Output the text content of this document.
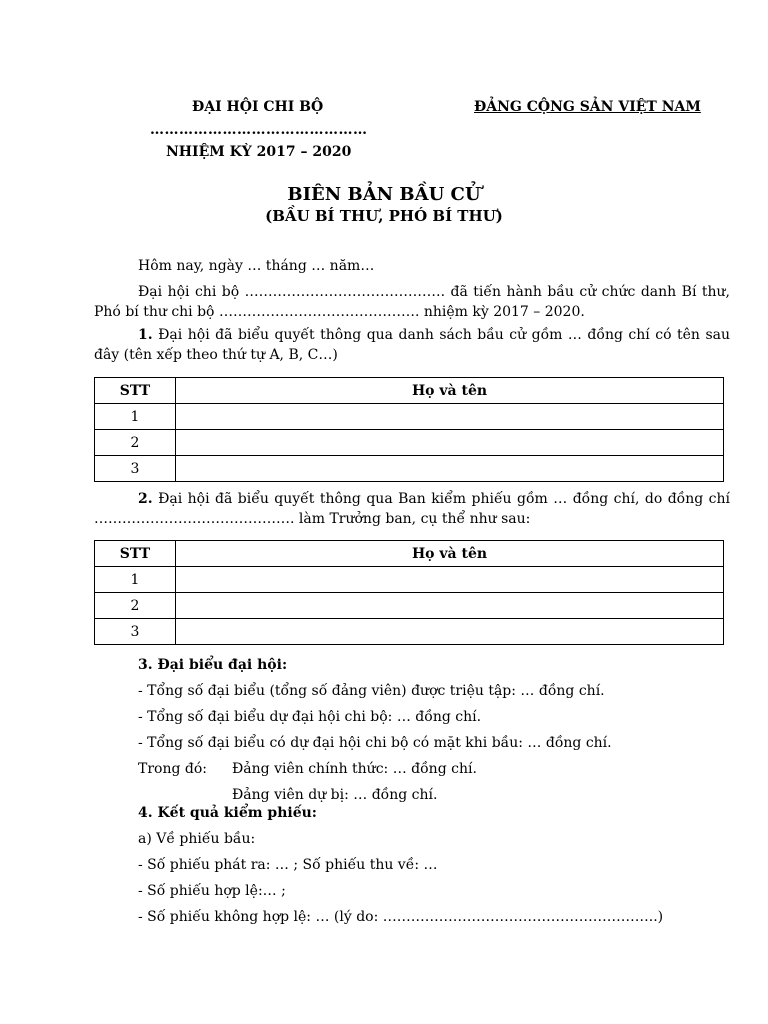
ĐẠI HỘI CHI BỘ
………………………………………
NHIỆM KỲ 2017 – 2020
ĐẢNG CỘNG SẢN VIỆT NAM
BIÊN BẢN BẦU CỬ
(BẦU BÍ THƯ, PHÓ BÍ THƯ)
Hôm nay, ngày … tháng … năm…
Đại hội chi bộ ……………………………………. đã tiến hành bầu cử chức danh Bí thư, Phó bí thư chi bộ ……………………………………. nhiệm kỳ 2017 – 2020.
1. Đại hội đã biểu quyết thông qua danh sách bầu cử gồm … đồng chí có tên sau đây (tên xếp theo thứ tự A, B, C…)
STT	Họ và tên
1	
2	
3	
2. Đại hội đã biểu quyết thông qua Ban kiểm phiếu gồm … đồng chí, do đồng chí ……………………………………. làm Trưởng ban, cụ thể như sau:
STT	Họ và tên
1	
2	
3	
3. Đại biểu đại hội:
- Tổng số đại biểu (tổng số đảng viên) được triệu tập: … đồng chí.
- Tổng số đại biểu dự đại hội chi bộ: … đồng chí.
- Tổng số đại biểu có dự đại hội chi bộ có mặt khi bầu: … đồng chí.
Trong đó: Đảng viên chính thức: … đồng chí.
Đảng viên dự bị: … đồng chí.
4. Kết quả kiểm phiếu:
a) Về phiếu bầu:
- Số phiếu phát ra: … ; Số phiếu thu về: …
- Số phiếu hợp lệ:… ;
- Số phiếu không hợp lệ: … (lý do: …………………………………………………..)
